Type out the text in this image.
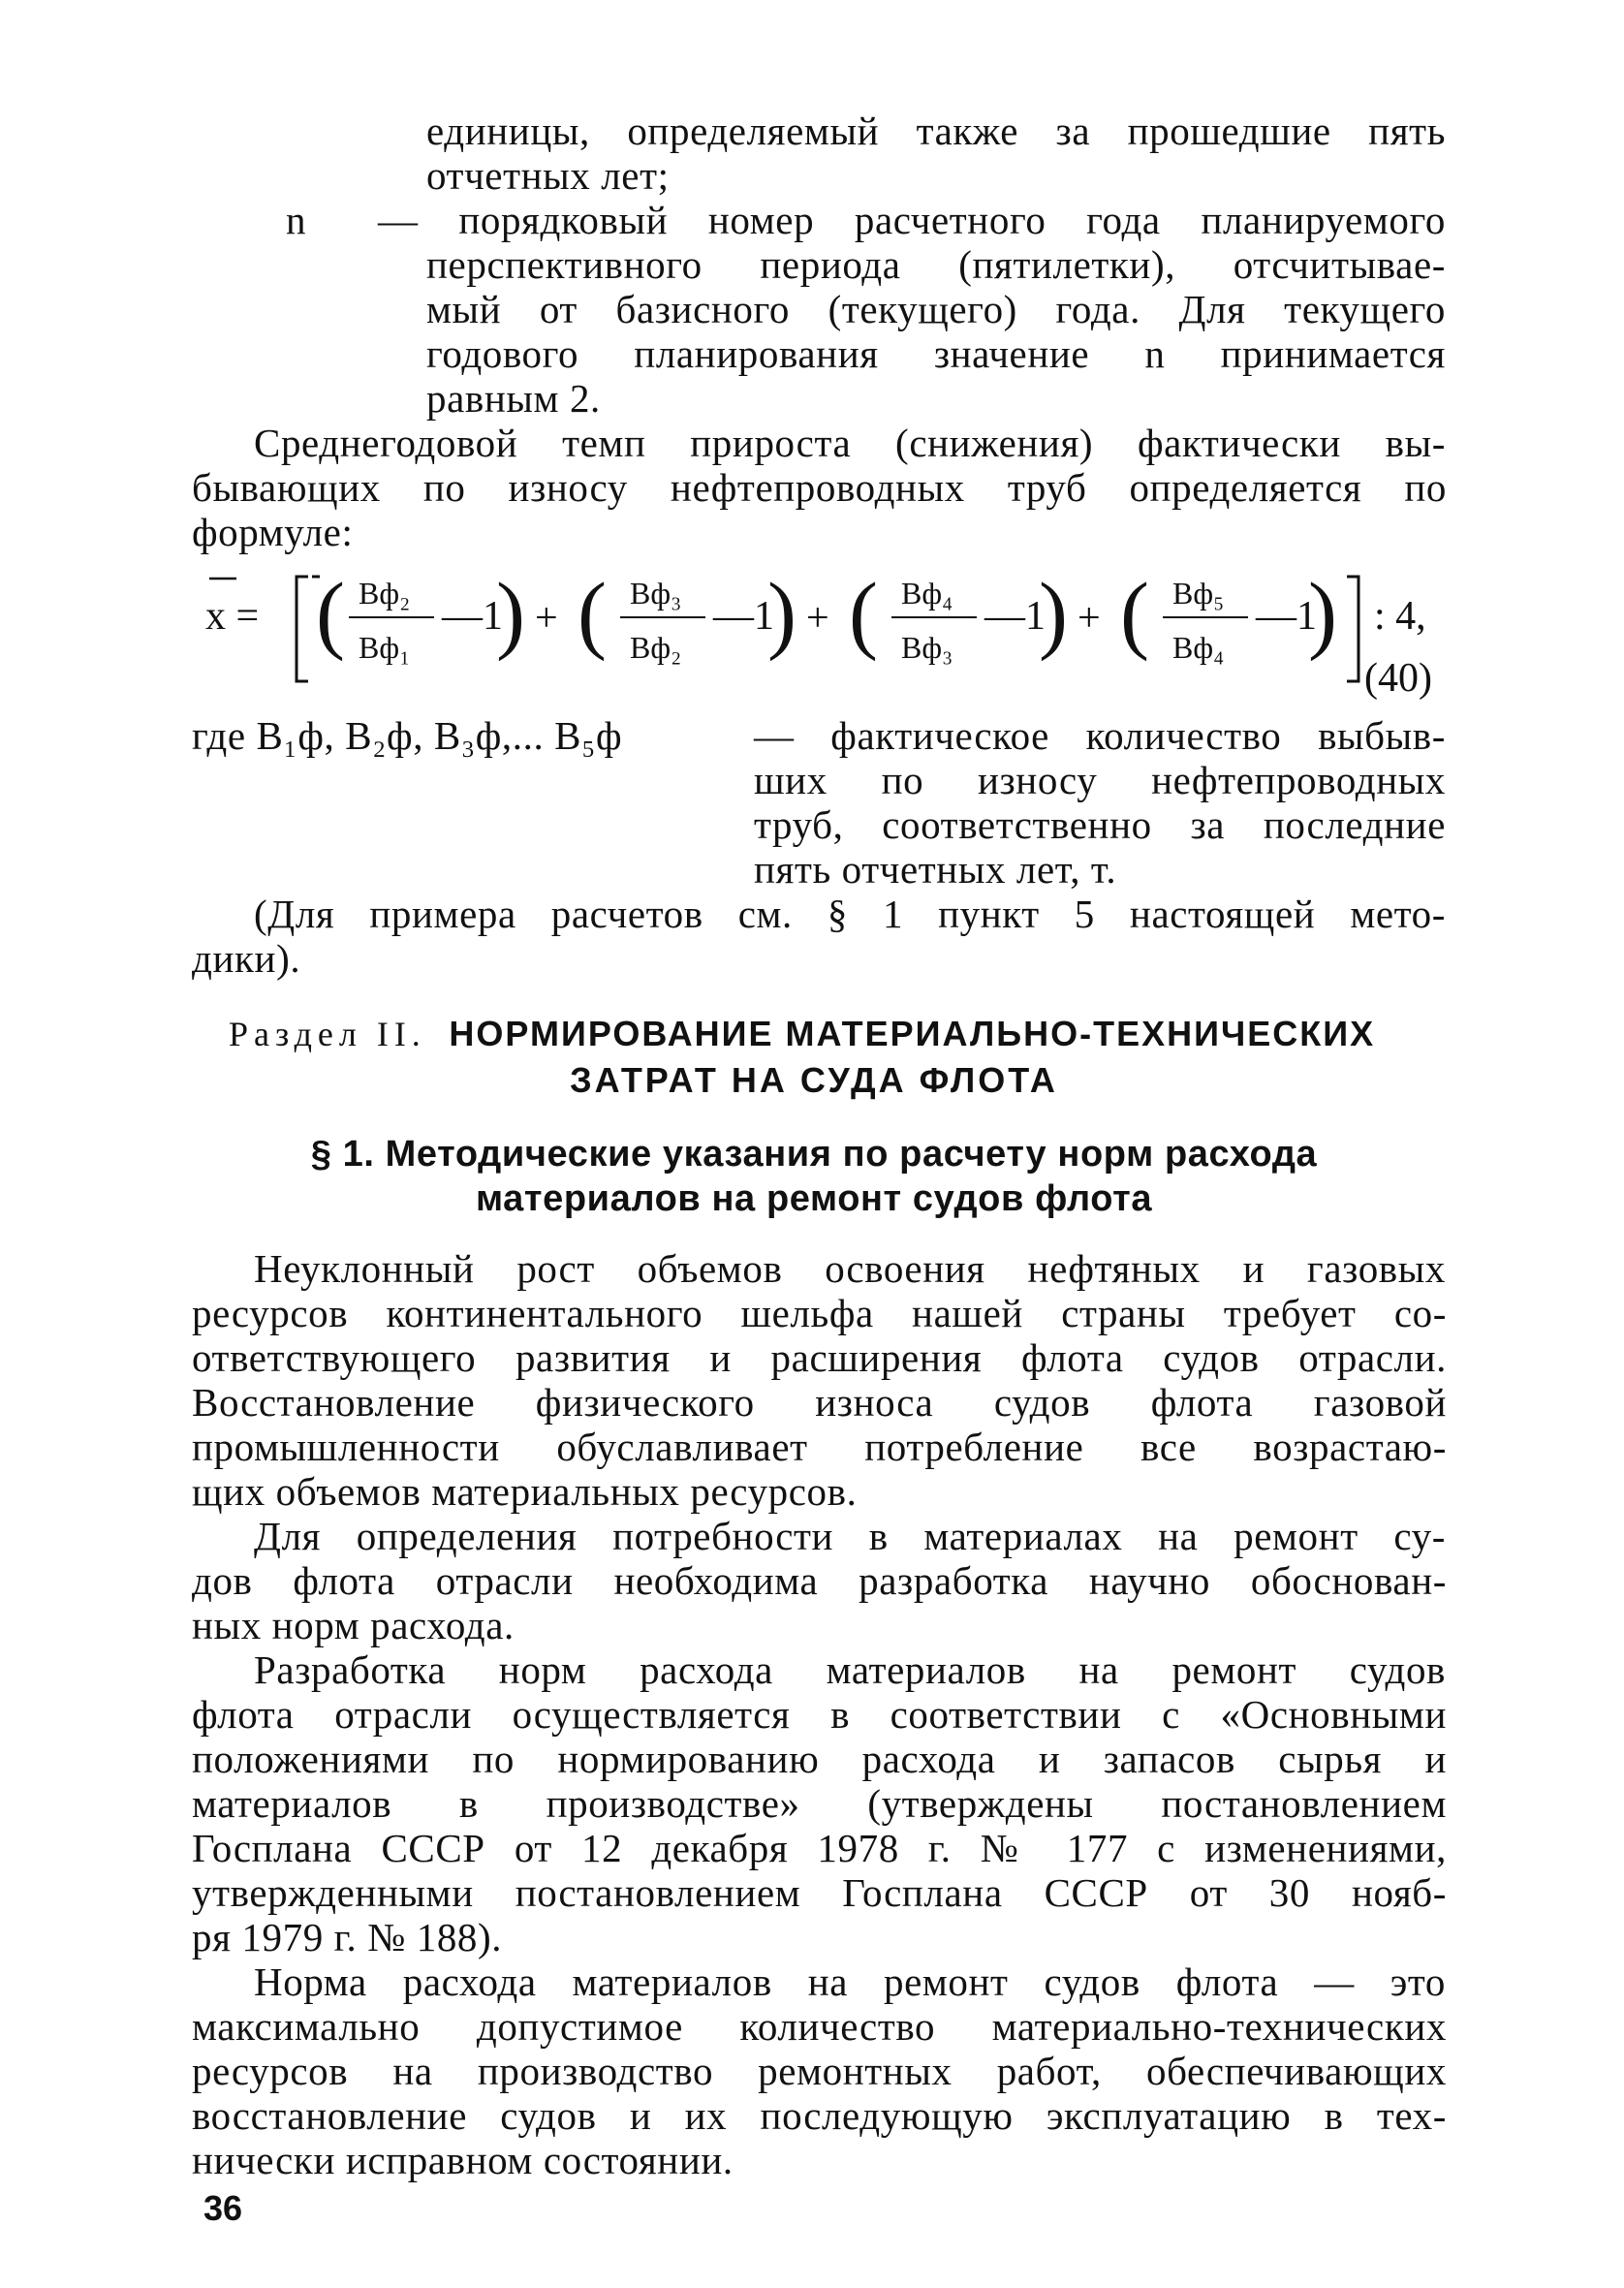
единицы, определяемый также за прошедшие пять
отчетных лет;
n	— порядковый номер расчетного года планируемого
перспективного периода (пятилетки), отсчитывае-
мый от базисного (текущего) года. Для текущего
годового планирования значение n принимается
равным 2.
Среднегодовой темп прироста (снижения) фактически вы-
бывающих по износу нефтепроводных труб определяется по
формуле:
x = ( Вф₂
Вф₁
—1
) + ( Вф₃
Вф₂
—1
) + ( Вф₄
Вф₃
—1
) + ( Вф₅
Вф₄
—1
) : 4,
(40)
где В₁ф, В₂ф, В₃ф,... В₅ф	— фактическое количество выбыв-
ших по износу нефтепроводных
труб, соответственно за последние
пять отчетных лет, т.
(Для примера расчетов см. § 1 пункт 5 настоящей мето-
дики).
Раздел II. НОРМИРОВАНИЕ МАТЕРИАЛЬНО-ТЕХНИЧЕСКИХ
ЗАТРАТ НА СУДА ФЛОТА
§ 1. Методические указания по расчету норм расхода
материалов на ремонт судов флота
Неуклонный рост объемов освоения нефтяных и газовых
ресурсов континентального шельфа нашей страны требует со-
ответствующего развития и расширения флота судов отрасли.
Восстановление физического износа судов флота газовой
промышленности обуславливает потребление все возрастаю-
щих объемов материальных ресурсов.
Для определения потребности в материалах на ремонт су-
дов флота отрасли необходима разработка научно обоснован-
ных норм расхода.
Разработка норм расхода материалов на ремонт судов
флота отрасли осуществляется в соответствии с «Основными
положениями по нормированию расхода и запасов сырья и
материалов в производстве» (утверждены постановлением
Госплана СССР от 12 декабря 1978 г. № 177 с изменениями,
утвержденными постановлением Госплана СССР от 30 нояб-
ря 1979 г. № 188).
Норма расхода материалов на ремонт судов флота — это
максимально допустимое количество материально-технических
ресурсов на производство ремонтных работ, обеспечивающих
восстановление судов и их последующую эксплуатацию в тех-
нически исправном состоянии.
36
